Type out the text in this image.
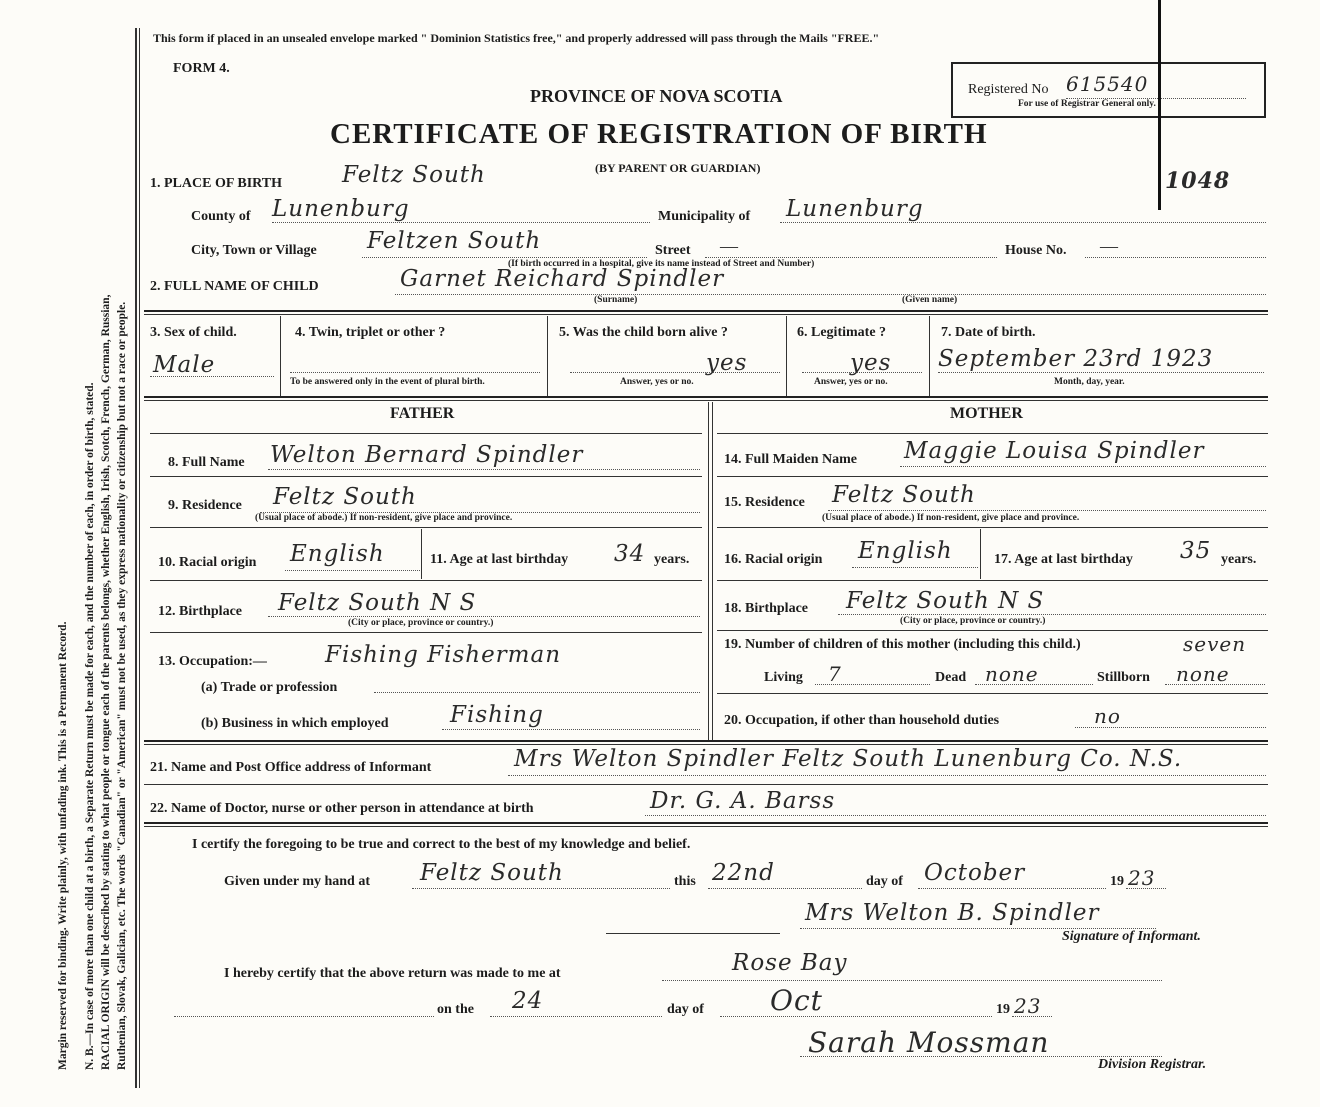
Margin reserved for binding. Write plainly, with unfading ink. This is a Permanent Record. N. B.—In case of more than one child at a birth, a Separate Return must be made for each, and the number of each, in order of birth, stated. RACIAL ORIGIN will be described by stating to what people or tongue each of the parents belongs, whether English, Irish, Scotch, French, German, Russian, Ruthenian, Slovak, Galician, etc. The words "Canadian" or "American" must not be used, as they express nationality or citizenship but not a race or people.
This form if placed in an unsealed envelope marked " Dominion Statistics free," and properly addressed will pass through the Mails "FREE."
FORM 4.
PROVINCE OF NOVA SCOTIA
CERTIFICATE OF REGISTRATION OF BIRTH
(BY PARENT OR GUARDIAN)
Registered No 615540
For use of Registrar General only.
1048
1. PLACE OF BIRTH	Feltz South
County of Lunenburg	Municipality of Lunenburg
City, Town or Village Feltzen South	Street —	House No. —
(If birth occurred in a hospital, give its name instead of Street and Number)
2. FULL NAME OF CHILD	Garnet Reichard Spindler
(Surname)	(Given name)
3. Sex of child.
Male
4. Twin, triplet or other ?
To be answered only in the event of plural birth.
5. Was the child born alive ?
yes
Answer, yes or no.
6. Legitimate ?
yes
Answer, yes or no.
7. Date of birth.
September 23rd 1923
Month, day, year.
FATHER	MOTHER
8. Full Name Welton Bernard Spindler
9. Residence Feltz South
(Usual place of abode.) If non-resident, give place and province.
10. Racial origin English	11. Age at last birthday 34 years.
12. Birthplace Feltz South N S
(City or place, province or country.)
13. Occupation:—	Fishing Fisherman
(a) Trade or profession
(b) Business in which employed	Fishing
14. Full Maiden Name Maggie Louisa Spindler
15. Residence Feltz South
(Usual place of abode.) If non-resident, give place and province.
16. Racial origin English	17. Age at last birthday 35 years.
18. Birthplace Feltz South N S
(City or place, province or country.)
19. Number of children of this mother (including this child.)	seven
Living 7	Dead none	Stillborn none
20. Occupation, if other than household duties	no
21. Name and Post Office address of Informant	Mrs Welton Spindler Feltz South Lunenburg Co. N.S.
22. Name of Doctor, nurse or other person in attendance at birth	Dr. G. A. Barss
I certify the foregoing to be true and correct to the best of my knowledge and belief.
Given under my hand at Feltz South	this 22nd	day of October	19 23
Mrs Welton B. Spindler
Signature of Informant.
I hereby certify that the above return was made to me at	Rose Bay
on the 24	day of Oct	19 23
Sarah Mossman
Division Registrar.
